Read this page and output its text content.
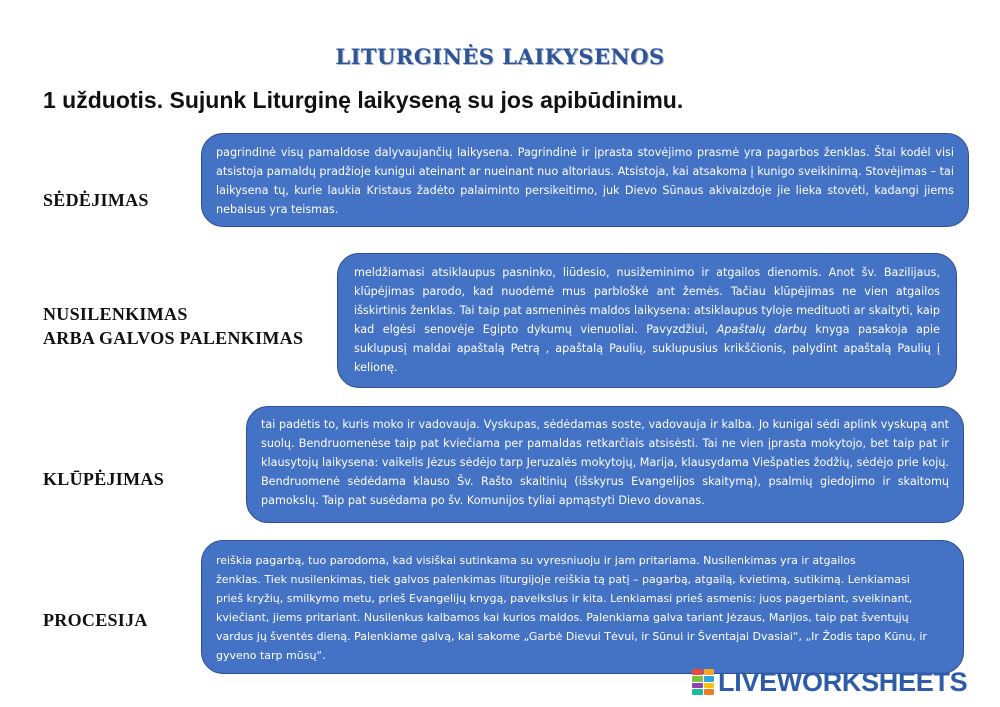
LITURGINĖS LAIKYSENOS
1 užduotis. Sujunk Liturginę laikyseną su jos apibūdinimu.
SĖDĖJIMAS
NUSILENKIMAS
ARBA GALVOS PALENKIMAS
KLŪPĖJIMAS
PROCESIJA
pagrindinė visų pamaldose dalyvaujančių laikysena. Pagrindinė ir įprasta stovėjimo prasmė yra pagarbos ženklas. Štai kodėl visi atsistoja pamaldų pradžioje kunigui ateinant ar nueinant nuo altoriaus. Atsistoja, kai atsakoma į kunigo sveikinimą. Stovėjimas – tai laikysena tų, kurie laukia Kristaus žadėto palaiminto persikeitimo, juk Dievo Sūnaus akivaizdoje jie lieka stovėti, kadangi jiems nebaisus yra teismas.
meldžiamasi atsiklaupus pasninko, liūdesio, nusižeminimo ir atgailos dienomis. Anot šv. Bazilijaus, klūpėjimas parodo, kad nuodėmė mus parbloškė ant žemės. Tačiau klūpėjimas ne vien atgailos išskirtinis ženklas. Tai taip pat asmeninės maldos laikysena: atsiklaupus tyloje medituoti ar skaityti, kaip kad elgėsi senovėje Egipto dykumų vienuoliai. Pavyzdžiui, Apaštalų darbų knyga pasakoja apie suklupusį maldai apaštalą Petrą , apaštalą Paulių, suklupusius krikščionis, palydint apaštalą Paulių į kelionę.
tai padėtis to, kuris moko ir vadovauja. Vyskupas, sėdėdamas soste, vadovauja ir kalba. Jo kunigai sėdi aplink vyskupą ant suolų. Bendruomenėse taip pat kviečiama per pamaldas retkarčiais atsisėsti. Tai ne vien įprasta mokytojo, bet taip pat ir klausytojų laikysena: vaikelis Jėzus sėdėjo tarp Jeruzalės mokytojų, Marija, klausydama Viešpaties žodžių, sėdėjo prie kojų. Bendruomenė sėdėdama klauso Šv. Rašto skaitinių (išskyrus Evangelijos skaitymą), psalmių giedojimo ir skaitomų pamokslų. Taip pat susėdama po šv. Komunijos tyliai apmąstyti Dievo dovanas.
reiškia pagarbą, tuo parodoma, kad visiškai sutinkama su vyresniuoju ir jam pritariama. Nusilenkimas yra ir atgailos
ženklas. Tiek nusilenkimas, tiek galvos palenkimas liturgijoje reiškia tą patį – pagarbą, atgailą, kvietimą, sutikimą. Lenkiamasi
prieš kryžių, smilkymo metu, prieš Evangelijų knygą, paveikslus ir kita. Lenkiamasi prieš asmenis: juos pagerbiant, sveikinant,
kviečiant, jiems pritariant. Nusilenkus kalbamos kai kurios maldos. Palenkiama galva tariant Jėzaus, Marijos, taip pat šventųjų
vardus jų šventės dieną. Palenkiame galvą, kai sakome „Garbė Dievui Tėvui, ir Sūnui ir Šventajai Dvasiai“, „Ir Žodis tapo Kūnu, ir
gyveno tarp mūsų“.
LIVEWORKSHEETS
